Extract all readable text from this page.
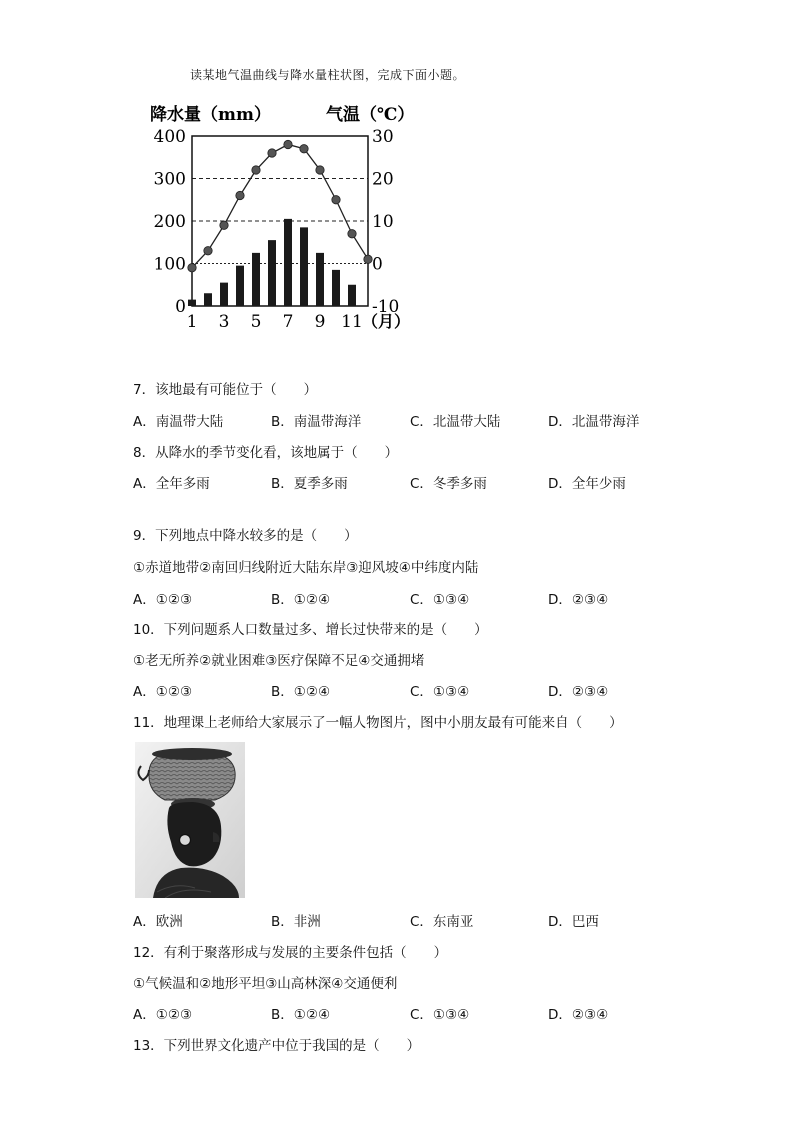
读某地气温曲线与降水量柱状图，完成下面小题。
降水量（mm）	气温（℃）
400
300
200
100
0
30
20
10
0
-10
1 3 5 7 9 11 （月）
7．该地最有可能位于（　　）
A．南温带大陆	B．南温带海洋	C．北温带大陆	D．北温带海洋
8．从降水的季节变化看，该地属于（　　）
A．全年多雨	B．夏季多雨	C．冬季多雨	D．全年少雨
9．下列地点中降水较多的是（　　）
①赤道地带②南回归线附近大陆东岸③迎风坡④中纬度内陆
A．①②③	B．①②④	C．①③④	D．②③④
10．下列问题系人口数量过多、增长过快带来的是（　　）
①老无所养②就业困难③医疗保障不足④交通拥堵
A．①②③	B．①②④	C．①③④	D．②③④
11．地理课上老师给大家展示了一幅人物图片，图中小朋友最有可能来自（　　）
A．欧洲	B．非洲	C．东南亚	D．巴西
12．有利于聚落形成与发展的主要条件包括（　　）
①气候温和②地形平坦③山高林深④交通便利
A．①②③	B．①②④	C．①③④	D．②③④
13．下列世界文化遗产中位于我国的是（　　）
